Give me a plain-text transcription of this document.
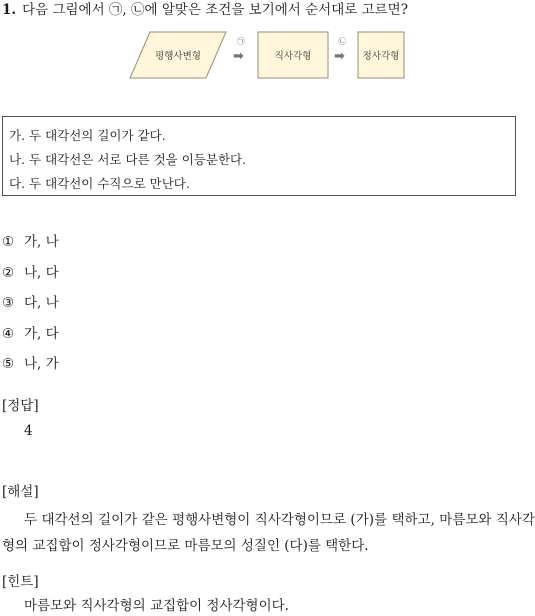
1. 다음 그림에서 ㉠, ㉡에 알맞은 조건을 보기에서 순서대로 고르면?
평행사변형	직사각형	정사각형
㉠
➡
㉡
➡
가. 두 대각선의 길이가 같다.
나. 두 대각선은 서로 다른 것을 이등분한다.
다. 두 대각선이 수직으로 만난다.
① 가, 나
② 나, 다
③ 다, 나
④ 가, 다
⑤ 나, 가
[정답]
4
[해설]
두 대각선의 길이가 같은 평행사변형이 직사각형이므로 (가)를 택하고, 마름모와 직사각형의 교집합이 정사각형이므로 마름모의 성질인 (다)를 택한다.
[힌트]
마름모와 직사각형의 교집합이 정사각형이다.
